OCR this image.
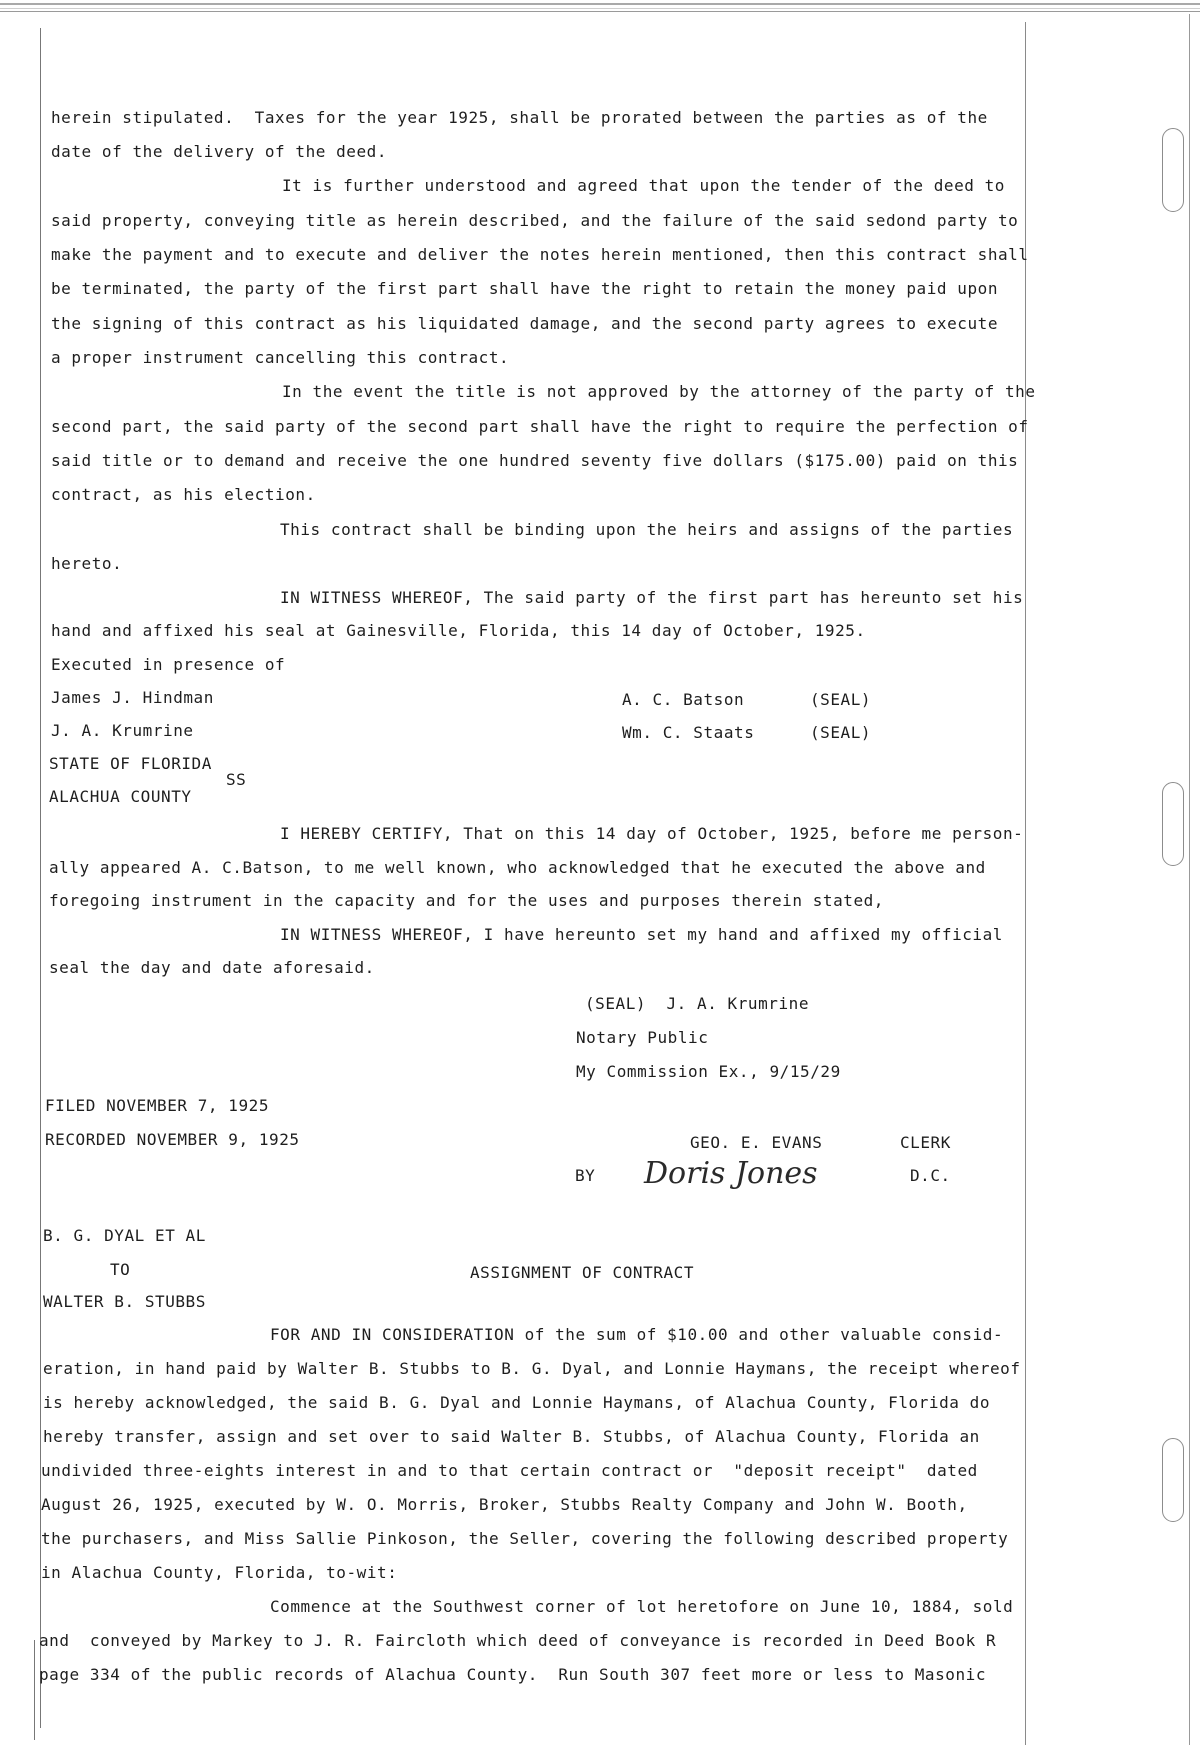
herein stipulated.  Taxes for the year 1925, shall be prorated between the parties as of the
date of the delivery of the deed.
It is further understood and agreed that upon the tender of the deed to
said property, conveying title as herein described, and the failure of the said sedond party to
make the payment and to execute and deliver the notes herein mentioned, then this contract shall
be terminated, the party of the first part shall have the right to retain the money paid upon
the signing of this contract as his liquidated damage, and the second party agrees to execute
a proper instrument cancelling this contract.
In the event the title is not approved by the attorney of the party of the
second part, the said party of the second part shall have the right to require the perfection of
said title or to demand and receive the one hundred seventy five dollars ($175.00) paid on this
contract, as his election.
This contract shall be binding upon the heirs and assigns of the parties
hereto.
IN WITNESS WHEREOF, The said party of the first part has hereunto set his
hand and affixed his seal at Gainesville, Florida, this 14 day of October, 1925.
Executed in presence of
James J. Hindman	A. C. Batson	(SEAL)
J. A. Krumrine	Wm. C. Staats	(SEAL)
STATE OF FLORIDA
SS
ALACHUA COUNTY
I HEREBY CERTIFY, That on this 14 day of October, 1925, before me person-
ally appeared A. C.Batson, to me well known, who acknowledged that he executed the above and
foregoing instrument in the capacity and for the uses and purposes therein stated,
IN WITNESS WHEREOF, I have hereunto set my hand and affixed my official
seal the day and date aforesaid.
(SEAL)  J. A. Krumrine
Notary Public
My Commission Ex., 9/15/29
FILED NOVEMBER 7, 1925
RECORDED NOVEMBER 9, 1925	GEO. E. EVANS	CLERK
BY	D.C.
Doris Jones
B. G. DYAL ET AL
TO	ASSIGNMENT OF CONTRACT
WALTER B. STUBBS
FOR AND IN CONSIDERATION of the sum of $10.00 and other valuable consid-
eration, in hand paid by Walter B. Stubbs to B. G. Dyal, and Lonnie Haymans, the receipt whereof
is hereby acknowledged, the said B. G. Dyal and Lonnie Haymans, of Alachua County, Florida do
hereby transfer, assign and set over to said Walter B. Stubbs, of Alachua County, Florida an
undivided three-eights interest in and to that certain contract or  "deposit receipt"  dated
August 26, 1925, executed by W. O. Morris, Broker, Stubbs Realty Company and John W. Booth,
the purchasers, and Miss Sallie Pinkoson, the Seller, covering the following described property
in Alachua County, Florida, to-wit:
Commence at the Southwest corner of lot heretofore on June 10, 1884, sold
and  conveyed by Markey to J. R. Faircloth which deed of conveyance is recorded in Deed Book R
page 334 of the public records of Alachua County.  Run South 307 feet more or less to Masonic
